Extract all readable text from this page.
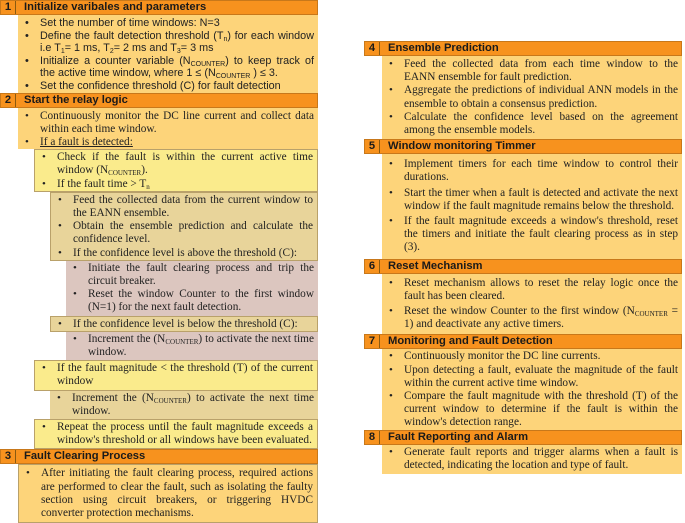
1	Initialize varibales and parameters
• Set the number of time windows: N=3
• Define the fault detection threshold $(T_n)$ for each window i.e $T_1= 1$ ms, $T_2= 2$ ms and $T_3= 3$ ms
• Initialize a counter variable $(N_{COUNTER})$ to keep track of the active time window, where $1 \le (N_{COUNTER}$ ) ≤ 3.
• Set the confidence threshold (C) for fault detection
2	Start the relay logic
• Continuously monitor the DC line current and collect data within each time window.
• If a fault is detected:
• Check if the fault is within the current active time window $(N_{COUNTER})$.
• If the fault time > $T_n$
• Feed the collected data from the current window to the EANN ensemble.
• Obtain the ensemble prediction and calculate the confidence level.
• If the confidence level is above the threshold (C):
• Initiate the fault clearing process and trip the circuit breaker.
• Reset the window Counter to the first window (N=1) for the next fault detection.
• If the confidence level is below the threshold (C):
• Increment the $(N_{COUNTER})$ to activate the next time window.
• If the fault magnitude < the threshold (T) of the current window
• Increment the $(N_{COUNTER})$ to activate the next time window.
• Repeat the process until the fault magnitude exceeds a window's threshold or all windows have been evaluated.
3	Fault Clearing Process
• After initiating the fault clearing process, required actions are performed to clear the fault, such as isolating the faulty section using circuit breakers, or triggering HVDC converter protection mechanisms.
4	Ensemble Prediction
• Feed the collected data from each time window to the EANN ensemble for fault prediction.
• Aggregate the predictions of individual ANN models in the ensemble to obtain a consensus prediction.
• Calculate the confidence level based on the agreement among the ensemble models.
5	Window monitoring Timmer
• Implement timers for each time window to control their durations.
• Start the timer when a fault is detected and activate the next window if the fault magnitude remains below the threshold.
• If the fault magnitude exceeds a window's threshold, reset the timers and initiate the fault clearing process as in step (3).
6	Reset Mechanism
• Reset mechanism allows to reset the relay logic once the fault has been cleared.
• Reset the window Counter to the first window $(N_{COUNTER} = 1)$ and deactivate any active timers.
7	Monitoring and Fault Detection
• Continuously monitor the DC line currents.
• Upon detecting a fault, evaluate the magnitude of the fault within the current active time window.
• Compare the fault magnitude with the threshold (T) of the current window to determine if the fault is within the window's detection range.
8	Fault Reporting and Alarm
• Generate fault reports and trigger alarms when a fault is detected, indicating the location and type of fault.
